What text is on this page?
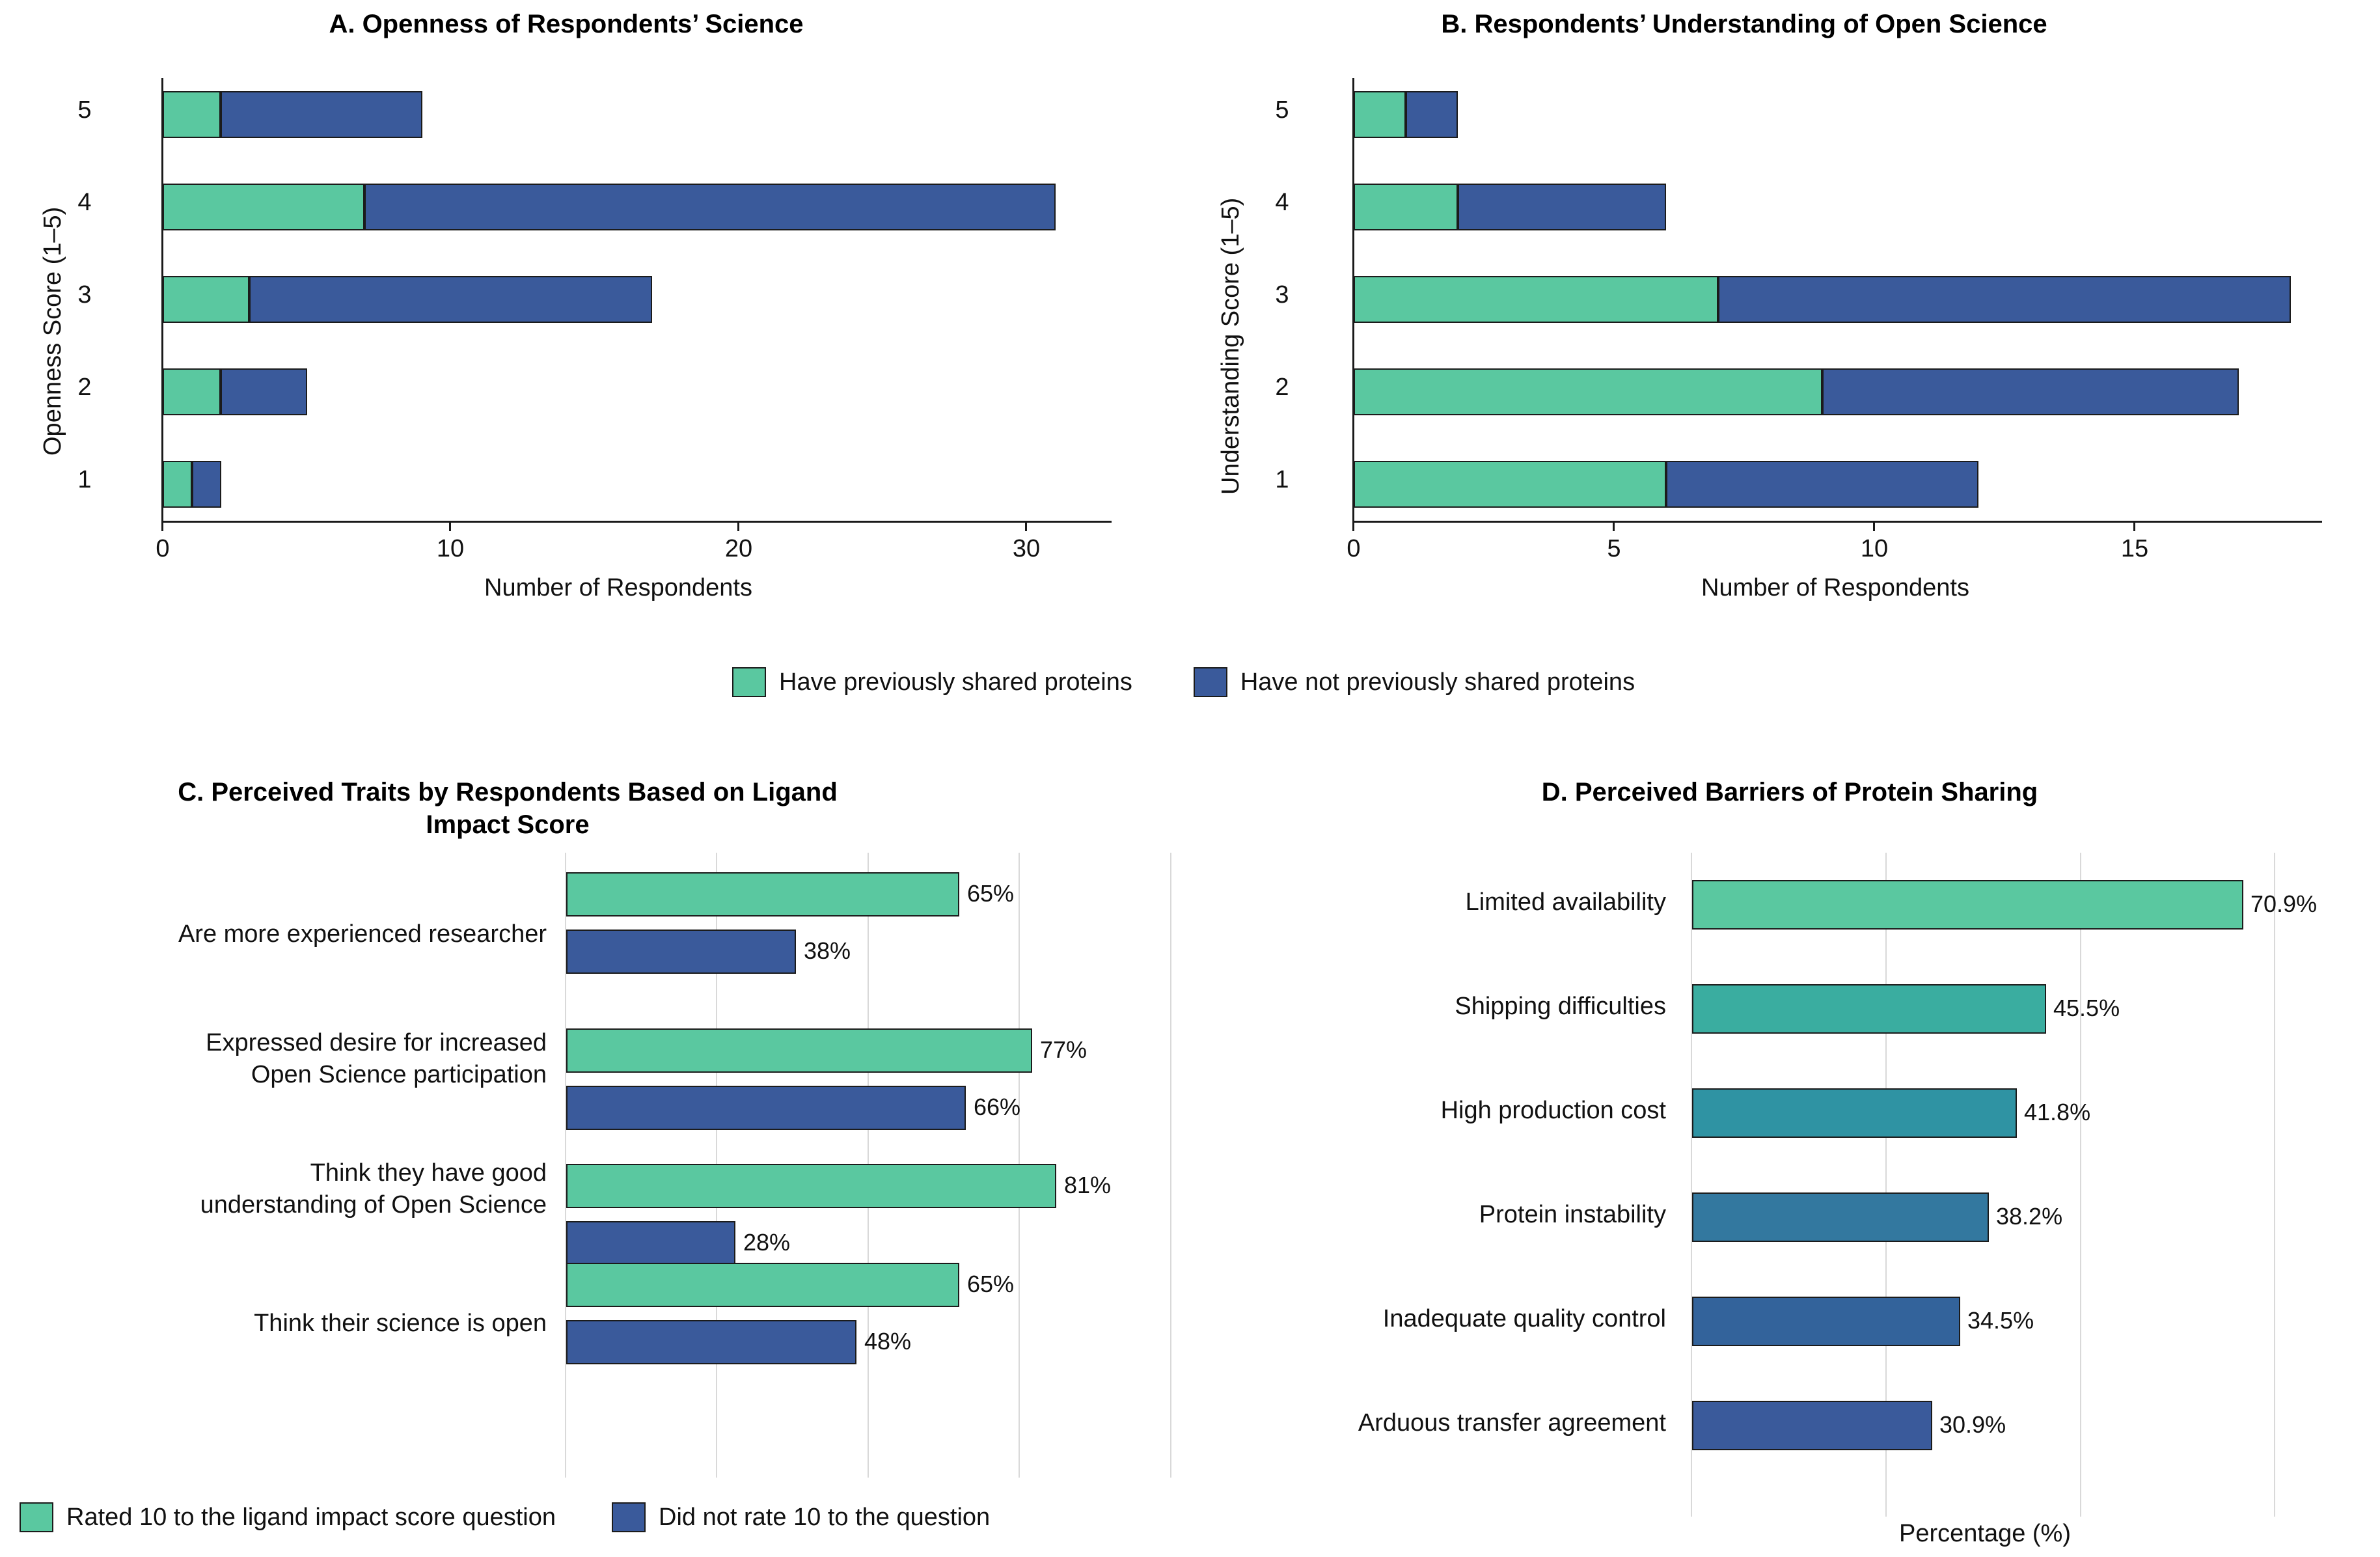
A. Openness of Respondents’ Science
Openness Score (1–5)
5
4
3
2
1
0	10	20	30
Number of Respondents
B. Respondents’ Understanding of Open Science
Understanding Score (1–5)
5
4
3
2
1
0	5	10	15
Number of Respondents
Have previously shared proteins	Have not previously shared proteins
C. Perceived Traits by Respondents Based on Ligand Impact Score
Are more experienced researcher
65%
38%
Expressed desire for increased
Open Science participation
77%
66%
Think they have good
understanding of Open Science
81%
28%
Think their science is open
65%
48%
Rated 10 to the ligand impact score question	Did not rate 10 to the question
D. Perceived Barriers of Protein Sharing
Limited availability	70.9%
Shipping difficulties	45.5%
High production cost	41.8%
Protein instability	38.2%
Inadequate quality control	34.5%
Arduous transfer agreement	30.9%
Percentage (%)
